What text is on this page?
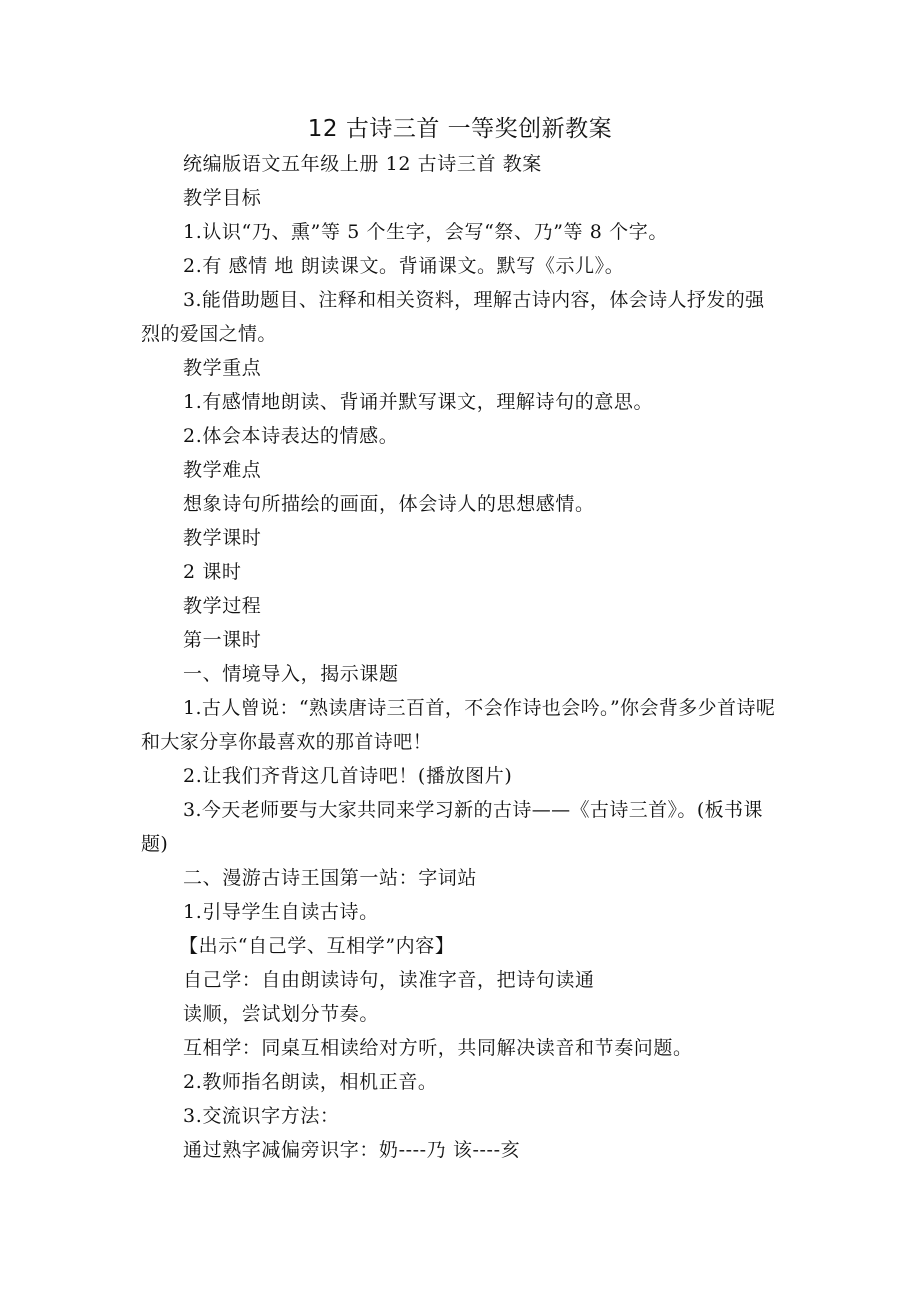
12 古诗三首 一等奖创新教案

统编版语文五年级上册 12 古诗三首 教案

教学目标

1.认识“乃、熏”等 5 个生字，会写“祭、乃”等 8 个字。

2.有 感情 地 朗读课文。背诵课文。默写《示儿》。

3.能借助题目、注释和相关资料，理解古诗内容，体会诗人抒发的强烈的爱国之情。

教学重点

1.有感情地朗读、背诵并默写课文，理解诗句的意思。

2.体会本诗表达的情感。

教学难点

想象诗句所描绘的画面，体会诗人的思想感情。

教学课时

2 课时

教学过程

第一课时

一、情境导入，揭示课题

1.古人曾说：“熟读唐诗三百首，不会作诗也会吟。”你会背多少首诗呢 和大家分享你最喜欢的那首诗吧！

2.让我们齐背这几首诗吧！(播放图片)

3.今天老师要与大家共同来学习新的古诗——《古诗三首》。(板书课题)

二、漫游古诗王国第一站：字词站

1.引导学生自读古诗。

【出示“自己学、互相学”内容】

自己学：自由朗读诗句，读准字音，把诗句读通

读顺，尝试划分节奏。

互相学：同桌互相读给对方听，共同解决读音和节奏问题。

2.教师指名朗读，相机正音。

3.交流识字方法：

通过熟字减偏旁识字：奶----乃 该----亥
